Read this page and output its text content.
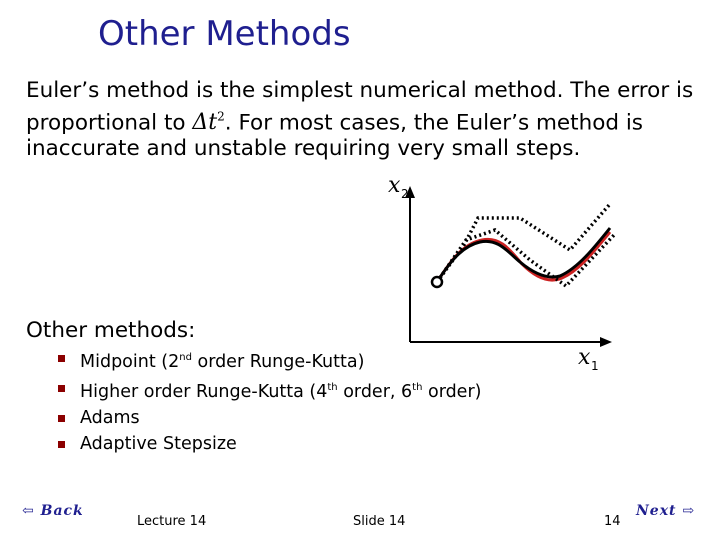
Other Methods
Euler’s method is the simplest numerical method. The error is
proportional to $\Delta t^2$. For most cases, the Euler’s method is
inaccurate and unstable requiring very small steps.
x 2
x 1
Other methods:
Midpoint (2nd order Runge-Kutta)
Higher order Runge-Kutta (4th order, 6th order)
Adams
Adaptive Stepsize
⇦ Back
Lecture 14	Slide 14	14
Next ⇨
